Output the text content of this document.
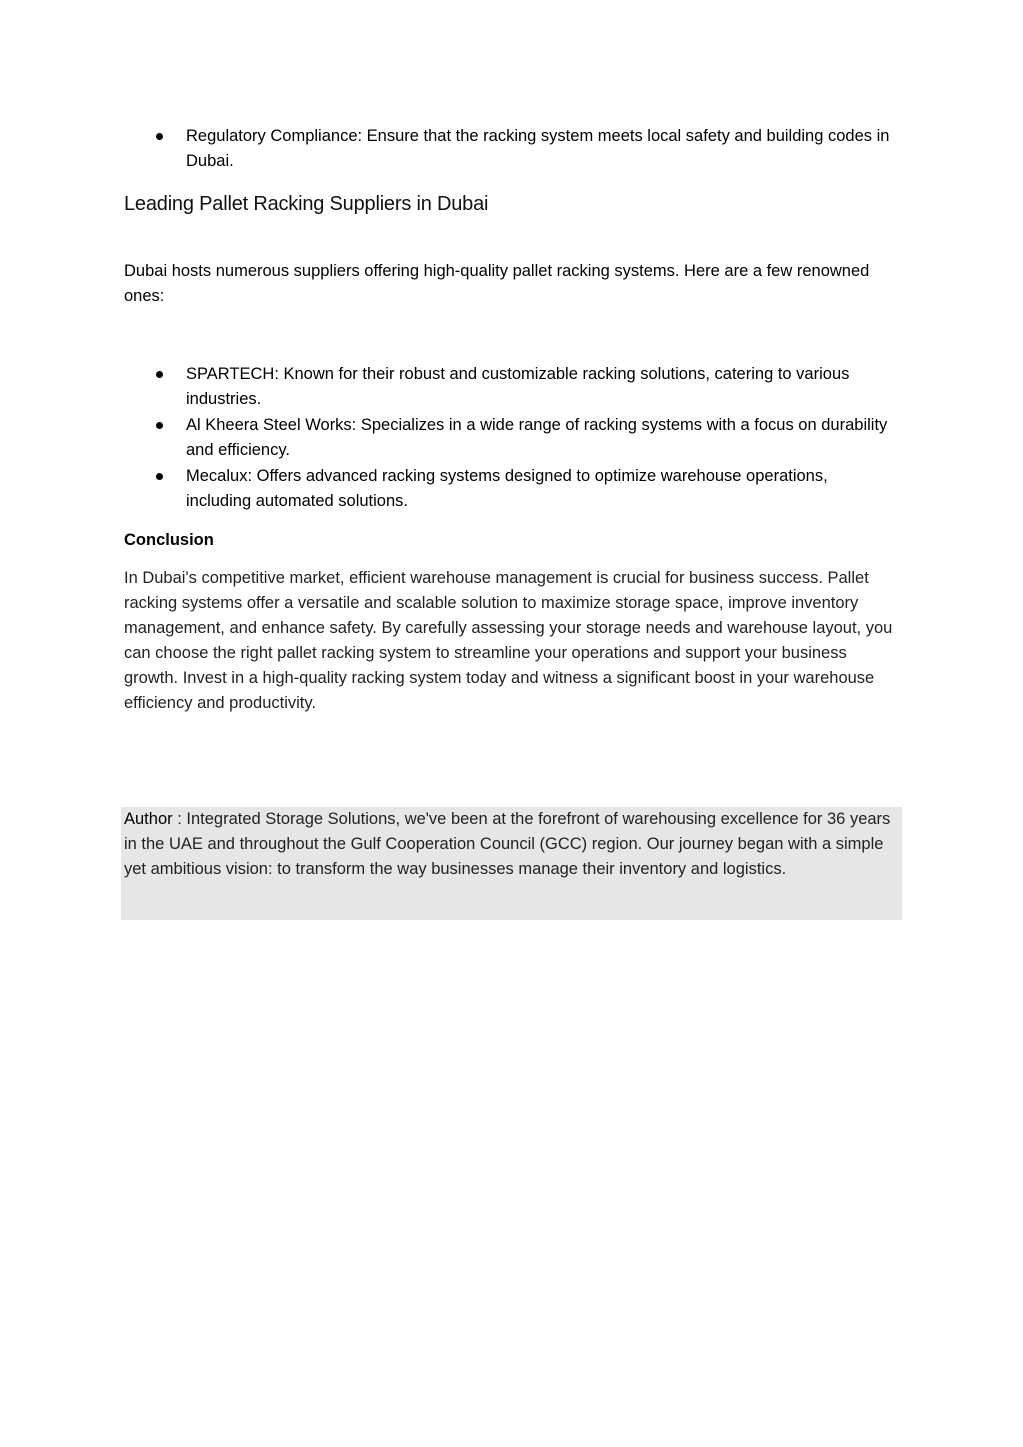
Regulatory Compliance: Ensure that the racking system meets local safety and building codes in Dubai.
Leading Pallet Racking Suppliers in Dubai

Dubai hosts numerous suppliers offering high-quality pallet racking systems. Here are a few renowned ones:

SPARTECH: Known for their robust and customizable racking solutions, catering to various industries.
Al Kheera Steel Works: Specializes in a wide range of racking systems with a focus on durability and efficiency.
Mecalux: Offers advanced racking systems designed to optimize warehouse operations, including automated solutions.
Conclusion

In Dubai's competitive market, efficient warehouse management is crucial for business success. Pallet racking systems offer a versatile and scalable solution to maximize storage space, improve inventory management, and enhance safety. By carefully assessing your storage needs and warehouse layout, you can choose the right pallet racking system to streamline your operations and support your business growth. Invest in a high-quality racking system today and witness a significant boost in your warehouse efficiency and productivity.

Author : Integrated Storage Solutions, we've been at the forefront of warehousing excellence for 36 years in the UAE and throughout the Gulf Cooperation Council (GCC) region. Our journey began with a simple yet ambitious vision: to transform the way businesses manage their inventory and logistics.
